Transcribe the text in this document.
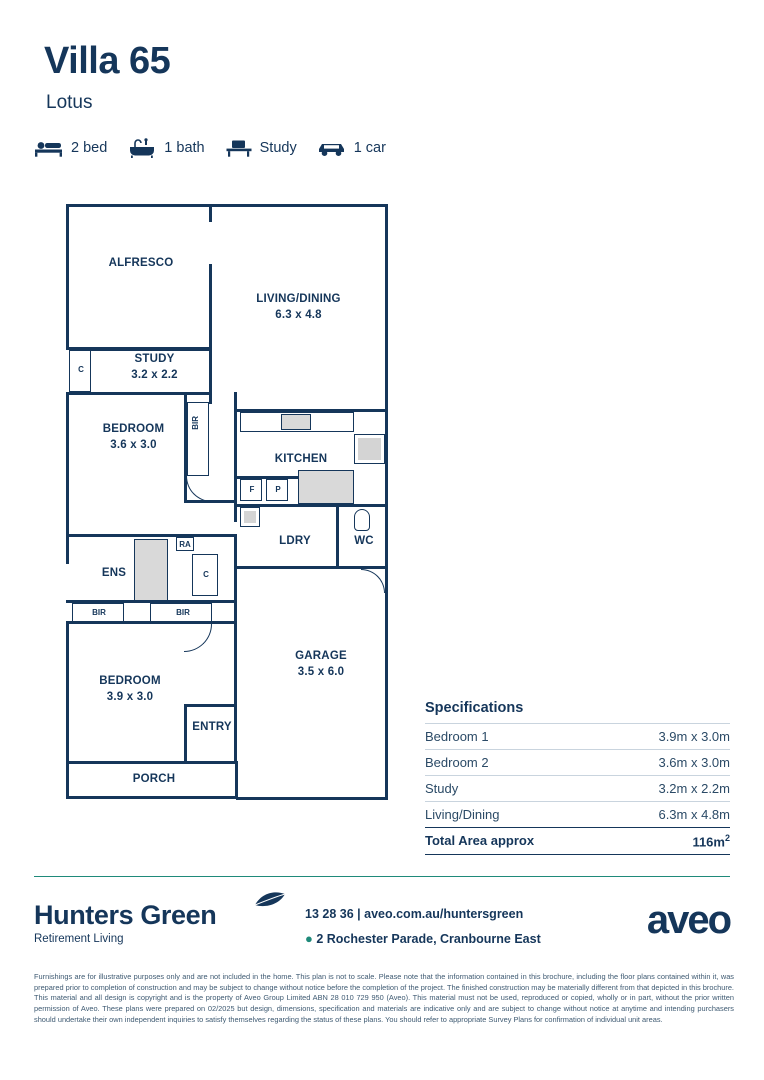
Villa 65
Lotus
2 bed	1 bath	Study	1 car
C
ALFRESCO
LIVING/DINING
6.3 x 4.8
STUDY
3.2 x 2.2
BIR
BEDROOM
3.6 x 3.0
KITCHEN
F	P
LDRY	WC
RA
C
ENS
BIR	BIR
BEDROOM
3.9 x 3.0
ENTRY
GARAGE
3.5 x 6.0
PORCH
Specifications
Bedroom 1	3.9m x 3.0m
Bedroom 2	3.6m x 3.0m
Study	3.2m x 2.2m
Living/Dining	6.3m x 4.8m
Total Area approx	$116m^2$
Hunters Green
Retirement Living
13 28 36 | aveo.com.au/huntersgreen
● 2 Rochester Parade, Cranbourne East	aveo
Furnishings are for illustrative purposes only and are not included in the home. This plan is not to scale. Please note that the information contained in this brochure, including the floor plans contained within it, was prepared prior to completion of construction and may be subject to change without notice before the completion of the project. The finished construction may be materially different from that depicted in this brochure. This material and all design is copyright and is the property of Aveo Group Limited ABN 28 010 729 950 (Aveo). This material must not be used, reproduced or copied, wholly or in part, without the prior written permission of Aveo. These plans were prepared on 02/2025 but design, dimensions, specification and materials are indicative only and are subject to change without notice at anytime and intending purchasers should undertake their own independent inquiries to satisfy themselves regarding the status of these plans. You should refer to appropriate Survey Plans for confirmation of individual unit areas.
